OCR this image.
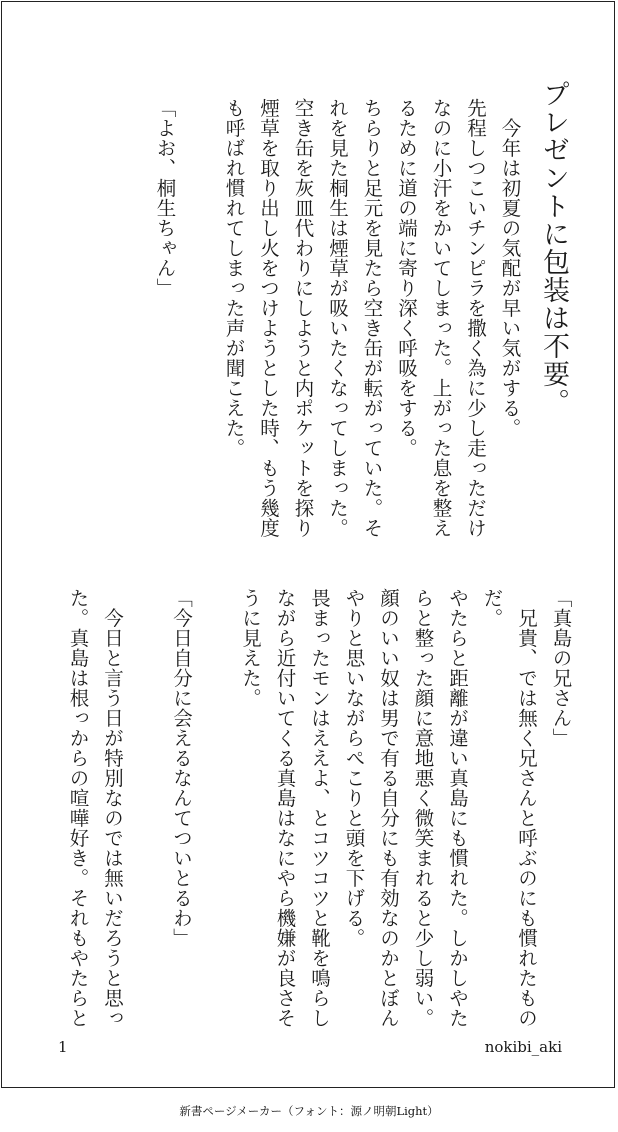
プレゼントに包装は不要。
　今年は初夏の気配が早い気がする。
先程しつこいチンピラを撒く為に少し走っただけ
なのに小汗をかいてしまった。上がった息を整え
るために道の端に寄り深く呼吸をする。
ちらりと足元を見たら空き缶が転がっていた。そ
れを見た桐生は煙草が吸いたくなってしまった。
空き缶を灰皿代わりにしようと内ポケットを探り
煙草を取り出し火をつけようとした時、もう幾度
も呼ばれ慣れてしまった声が聞こえた。

「よお、桐生ちゃん」
「真島の兄さん」
　兄貴、では無く兄さんと呼ぶのにも慣れたもの
だ。
やたらと距離が違い真島にも慣れた。しかしやた
らと整った顔に意地悪く微笑まれると少し弱い。
顔のいい奴は男で有る自分にも有効なのかとぼん
やりと思いながらぺこりと頭を下げる。
畏まったモンはええよ、とコツコツと靴を鳴らし
ながら近付いてくる真島はなにやら機嫌が良さそ
うに見えた。

「今日自分に会えるなんてついとるわ」

　今日と言う日が特別なのでは無いだろうと思っ
た。真島は根っからの喧嘩好き。それもやたらと
1	nokibi_aki
新書ページメーカー（フォント：源ノ明朝Light）
